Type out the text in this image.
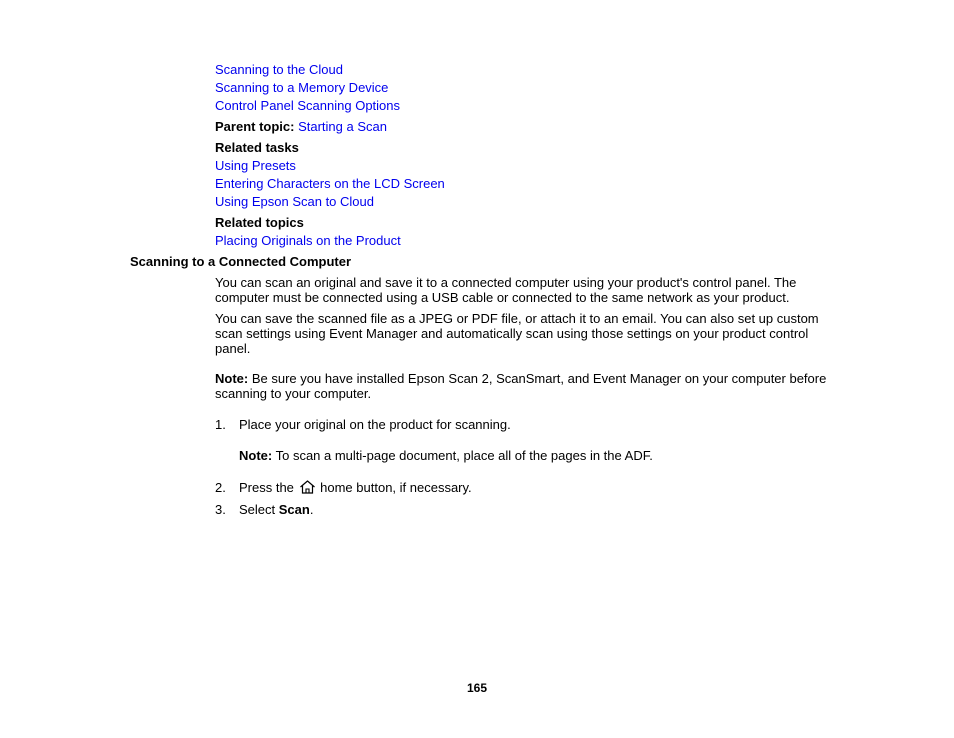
Scanning to the Cloud
Scanning to a Memory Device
Control Panel Scanning Options
Parent topic: Starting a Scan
Related tasks
Using Presets
Entering Characters on the LCD Screen
Using Epson Scan to Cloud
Related topics
Placing Originals on the Product
Scanning to a Connected Computer
You can scan an original and save it to a connected computer using your product's control panel. The computer must be connected using a USB cable or connected to the same network as your product.
You can save the scanned file as a JPEG or PDF file, or attach it to an email. You can also set up custom scan settings using Event Manager and automatically scan using those settings on your product control panel.
Note: Be sure you have installed Epson Scan 2, ScanSmart, and Event Manager on your computer before scanning to your computer.
1. Place your original on the product for scanning.
Note: To scan a multi-page document, place all of the pages in the ADF.
2. Press the  home button, if necessary.
3. Select Scan.
165
